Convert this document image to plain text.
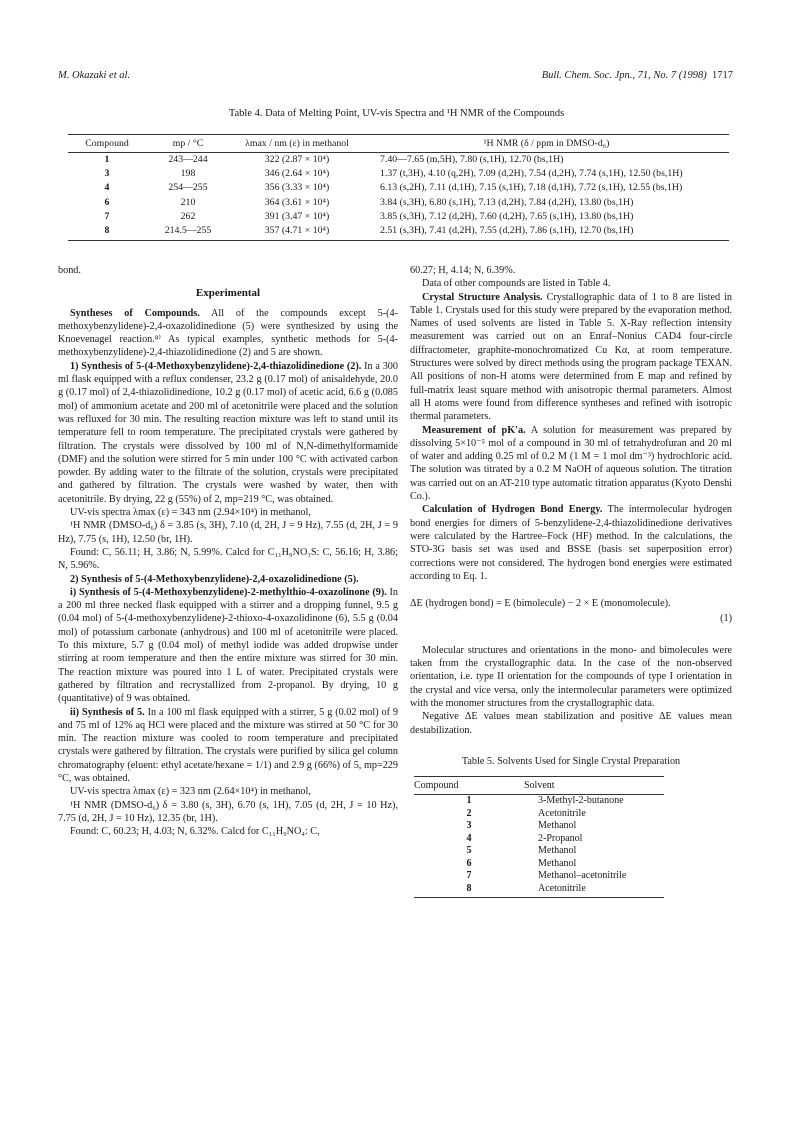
M. Okazaki et al.	Bull. Chem. Soc. Jpn., 71, No. 7 (1998) 1717
Table 4. Data of Melting Point, UV-vis Spectra and ¹H NMR of the Compounds
Compound	mp / °C	λmax / nm (ε) in methanol	¹H NMR (δ / ppm in DMSO-d₆)
1	243—244	322 (2.87 × 10⁴)	7.40—7.65 (m,5H), 7.80 (s,1H), 12.70 (bs,1H)
3	198	346 (2.64 × 10⁴)	1.37 (t,3H), 4.10 (q,2H), 7.09 (d,2H), 7.54 (d,2H), 7.74 (s,1H), 12.50 (bs,1H)
4	254—255	356 (3.33 × 10⁴)	6.13 (s,2H), 7.11 (d,1H), 7.15 (s,1H), 7.18 (d,1H), 7.72 (s,1H), 12.55 (bs,1H)
6	210	364 (3.61 × 10⁴)	3.84 (s,3H), 6.80 (s,1H), 7.13 (d,2H), 7.84 (d,2H), 13.80 (bs,1H)
7	262	391 (3.47 × 10⁴)	3.85 (s,3H), 7.12 (d,2H), 7.60 (d,2H), 7.65 (s,1H), 13.80 (bs,1H)
8	214.5—255	357 (4.71 × 10⁴)	2.51 (s,3H), 7.41 (d,2H), 7.55 (d,2H), 7.86 (s,1H), 12.70 (bs,1H)

bond.

Experimental

Syntheses of Compounds. All of the compounds except 5-(4-methoxybenzylidene)-2,4-oxazolidinedione (5) were synthesized by using the Knoevenagel reaction.⁸⁾ As typical examples, synthetic methods for 5-(4-methoxybenzylidene)-2,4-thiazolidinedione (2) and 5 are shown.

1) Synthesis of 5-(4-Methoxybenzylidene)-2,4-thiazolidinedione (2). In a 300 ml flask equipped with a reflux condenser, 23.2 g (0.17 mol) of anisaldehyde, 20.0 g (0.17 mol) of 2,4-thiazolidinedione, 10.2 g (0.17 mol) of acetic acid, 6.6 g (0.085 mol) of ammonium acetate and 200 ml of acetonitrile were placed and the solution was refluxed for 30 min. The resulting reaction mixture was left to stand until its temperature fell to room temperature. The precipitated crystals were gathered by filtration. The crystals were dissolved by 100 ml of N,N-dimethylformamide (DMF) and the solution were stirred for 5 min under 100 °C with activated carbon powder. By adding water to the filtrate of the solution, crystals were precipitated and gathered by filtration. The crystals were washed by water, then with acetonitrile. By drying, 22 g (55%) of 2, mp=219 °C, was obtained.

UV-vis spectra λmax (ε) = 343 nm (2.94×10⁴) in methanol,

¹H NMR (DMSO-d₆) δ = 3.85 (s, 3H), 7.10 (d, 2H, J = 9 Hz), 7.55 (d, 2H, J = 9 Hz), 7.75 (s, 1H), 12.50 (br, 1H).

Found: C, 56.11; H, 3.86; N, 5.99%. Calcd for C₁₁H₉NO₃S: C, 56.16; H, 3.86; N, 5.96%.

2) Synthesis of 5-(4-Methoxybenzylidene)-2,4-oxazolidinedione (5).

i) Synthesis of 5-(4-Methoxybenzylidene)-2-methylthio-4-oxazolinone (9). In a 200 ml three necked flask equipped with a stirrer and a dropping funnel, 9.5 g (0.04 mol) of 5-(4-methoxybenzylidene)-2-thioxo-4-oxazolidinone (6), 5.5 g (0.04 mol) of potassium carbonate (anhydrous) and 100 ml of acetonitrile were placed. To this mixture, 5.7 g (0.04 mol) of methyl iodide was added dropwise under stirring at room temperature and then the entire mixture was stirred for 30 min. The reaction mixture was poured into 1 L of water. Precipitated crystals were gathered by filtration and recrystallized from 2-propanol. By drying, 10 g (quantitative) of 9 was obtained.

ii) Synthesis of 5. In a 100 ml flask equipped with a stirrer, 5 g (0.02 mol) of 9 and 75 ml of 12% aq HCl were placed and the mixture was stirred at 50 °C for 30 min. The reaction mixture was cooled to room temperature and precipitated crystals were gathered by filtration. The crystals were purified by silica gel column chromatography (eluent: ethyl acetate/hexane = 1/1) and 2.9 g (66%) of 5, mp=229 °C, was obtained.

UV-vis spectra λmax (ε) = 323 nm (2.64×10⁴) in methanol,

¹H NMR (DMSO-d₆) δ = 3.80 (s, 3H), 6.70 (s, 1H), 7.05 (d, 2H, J = 10 Hz), 7.75 (d, 2H, J = 10 Hz), 12.35 (br, 1H).

Found: C, 60.23; H, 4.03; N, 6.32%. Calcd for C₁₁H₉NO₄: C,

60.27; H, 4.14; N, 6.39%.

Data of other compounds are listed in Table 4.

Crystal Structure Analysis. Crystallographic data of 1 to 8 are listed in Table 1. Crystals used for this study were prepared by the evaporation method. Names of used solvents are listed in Table 5. X-Ray reflection intensity measurement was carried out on an Enraf–Nonius CAD4 four-circle diffractometer, graphite-monochromatized Cu Kα, at room temperature. Structures were solved by direct methods using the program package TEXAN. All positions of non-H atoms were determined from E map and refined by full-matrix least square method with anisotropic thermal parameters. Almost all H atoms were found from difference syntheses and refined with isotropic thermal parameters.

Measurement of pK′a. A solution for measurement was prepared by dissolving 5×10⁻⁵ mol of a compound in 30 ml of tetrahydrofuran and 20 ml of water and adding 0.25 ml of 0.2 M (1 M = 1 mol dm⁻³) hydrochloric acid. The solution was titrated by a 0.2 M NaOH of aqueous solution. The titration was carried out on an AT-210 type automatic titration apparatus (Kyoto Denshi Co.).

Calculation of Hydrogen Bond Energy. The intermolecular hydrogen bond energies for dimers of 5-benzylidene-2,4-thiazolidinedione derivatives were calculated by the Hartree–Fock (HF) method. In the calculations, the STO-3G basis set was used and BSSE (basis set superposition error) corrections were not considered. The hydrogen bond energies were estimated according to Eq. 1.

ΔE (hydrogen bond) = E (bimolecule) − 2 × E (monomolecule).
(1)

Molecular structures and orientations in the mono- and bimolecules were taken from the crystallographic data. In the case of the non-observed orientation, i.e. type II orientation for the compounds of type I orientation in the crystal and vice versa, only the intermolecular parameters were optimized with the monomer structures from the crystallographic data.

Negative ΔE values mean stabilization and positive ΔE values mean destabilization.

Table 5. Solvents Used for Single Crystal Preparation
Compound	Solvent
1	3-Methyl-2-butanone
2	Acetonitrile
3	Methanol
4	2-Propanol
5	Methanol
6	Methanol
7	Methanol–acetonitrile
8	Acetonitrile
